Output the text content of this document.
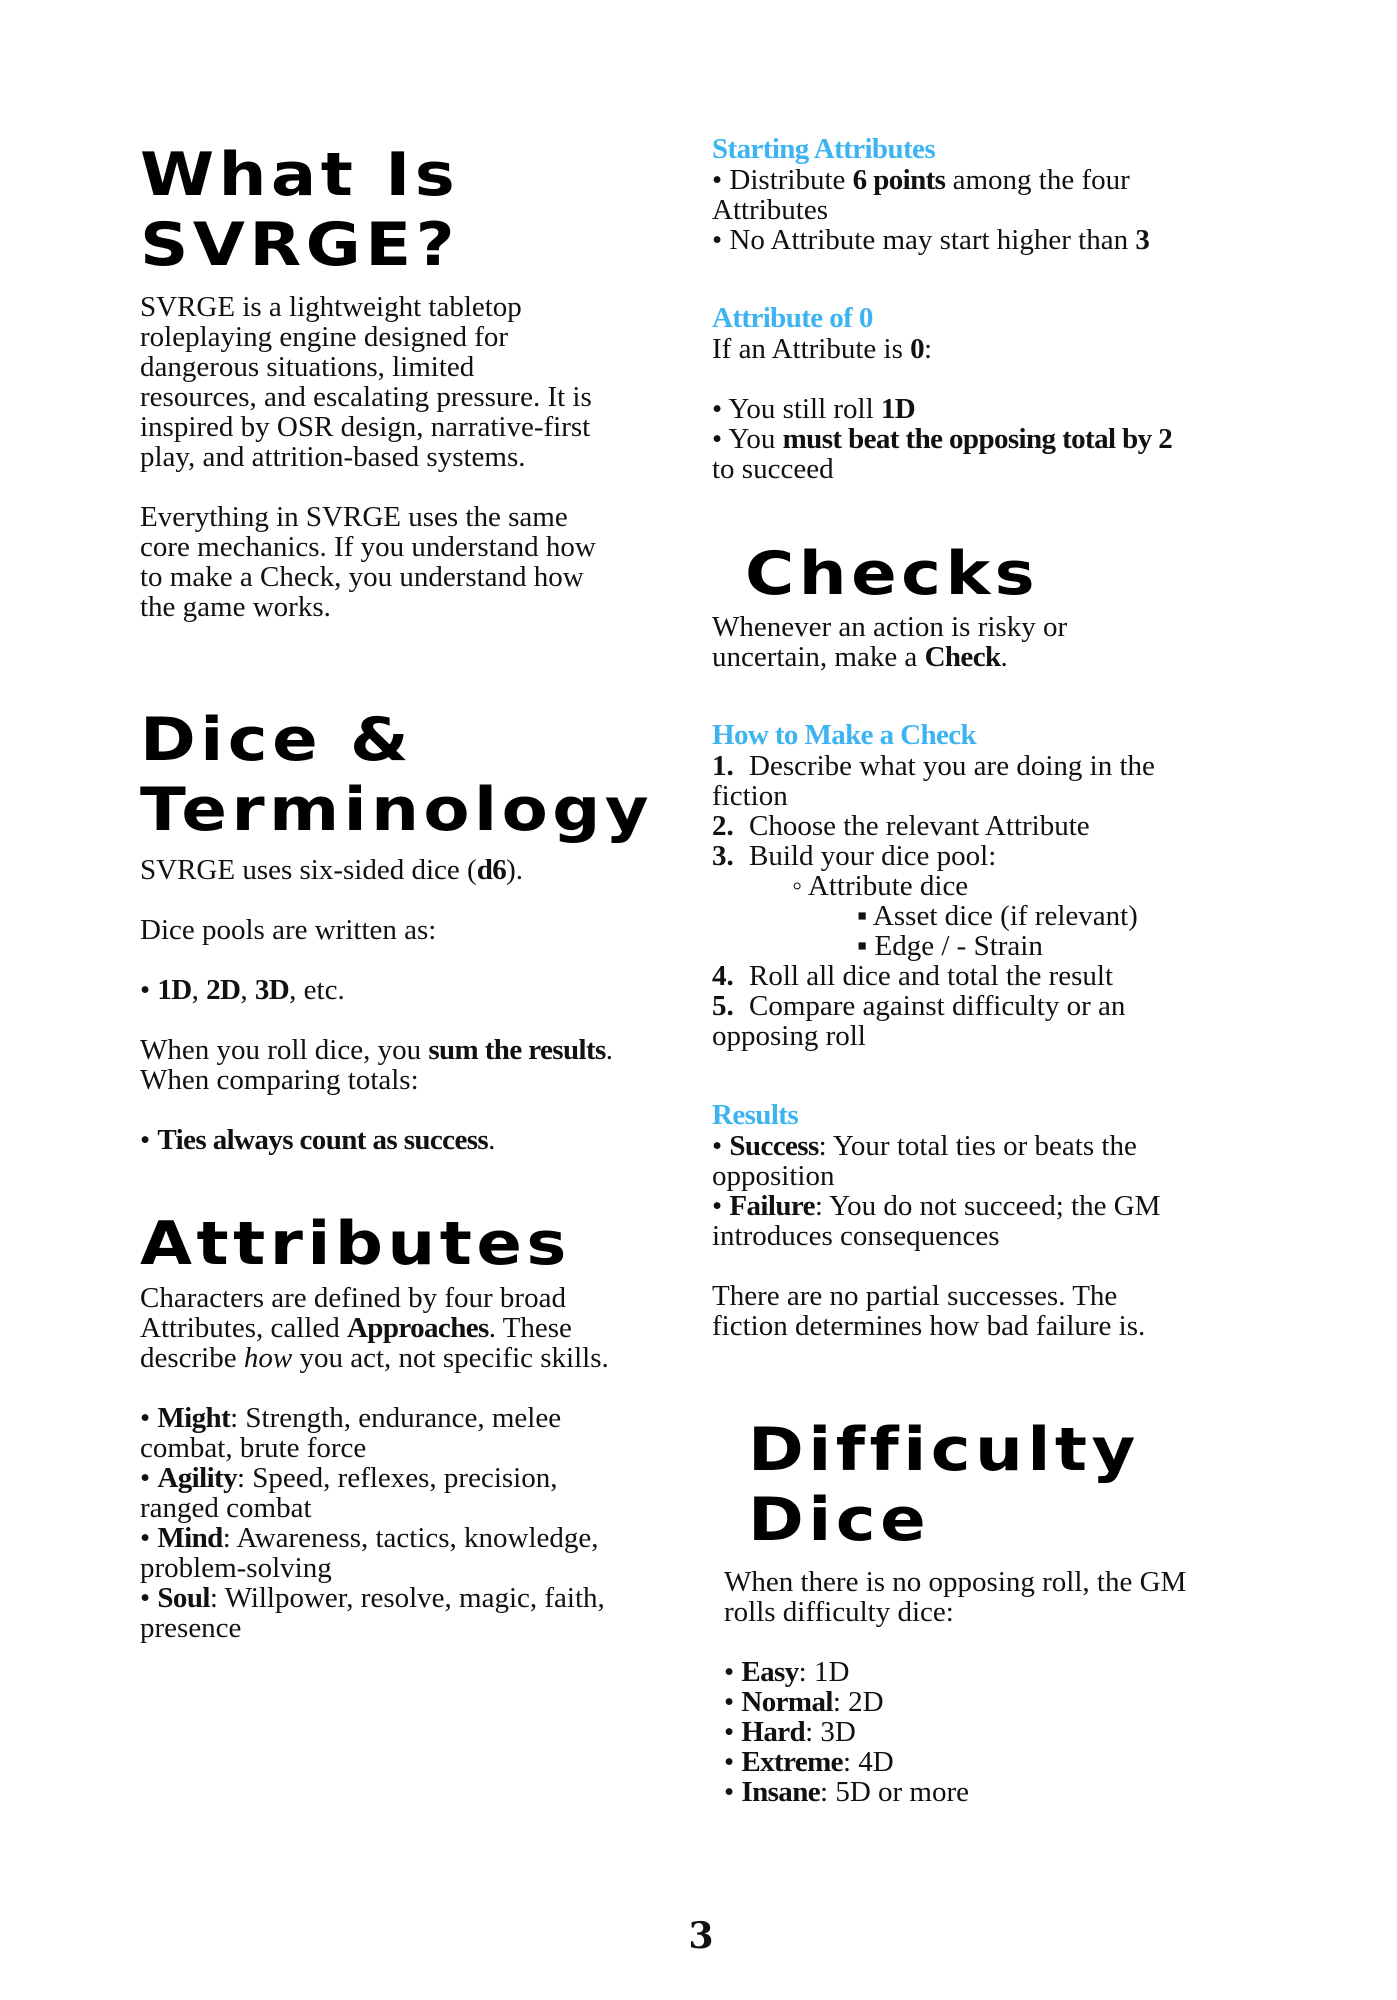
What Is
SVRGE?
SVRGE is a lightweight tabletop
roleplaying engine designed for
dangerous situations, limited
resources, and escalating pressure. It is
inspired by OSR design, narrative-first
play, and attrition-based systems.
Everything in SVRGE uses the same
core mechanics. If you understand how
to make a Check, you understand how
the game works.
Dice &
Terminology
SVRGE uses six-sided dice (d6).
Dice pools are written as:
• 1D, 2D, 3D, etc.
When you roll dice, you sum the results.
When comparing totals:
• Ties always count as success.
Attributes
Characters are defined by four broad
Attributes, called Approaches. These
describe how you act, not specific skills.
• Might: Strength, endurance, melee
combat, brute force
• Agility: Speed, reflexes, precision,
ranged combat
• Mind: Awareness, tactics, knowledge,
problem-solving
• Soul: Willpower, resolve, magic, faith,
presence
Starting Attributes
• Distribute 6 points among the four
Attributes
• No Attribute may start higher than 3
Attribute of 0
If an Attribute is 0:
• You still roll 1D
• You must beat the opposing total by 2
to succeed
Checks
Whenever an action is risky or
uncertain, make a Check.
How to Make a Check
1. Describe what you are doing in the
fiction
2. Choose the relevant Attribute
3. Build your dice pool:
◦ Attribute dice
▪ Asset dice (if relevant)
▪ Edge / - Strain
4. Roll all dice and total the result
5. Compare against difficulty or an
opposing roll
Results
• Success: Your total ties or beats the
opposition
• Failure: You do not succeed; the GM
introduces consequences
There are no partial successes. The
fiction determines how bad failure is.
Difficulty
Dice
When there is no opposing roll, the GM
rolls difficulty dice:
• Easy: 1D
• Normal: 2D
• Hard: 3D
• Extreme: 4D
• Insane: 5D or more
3
